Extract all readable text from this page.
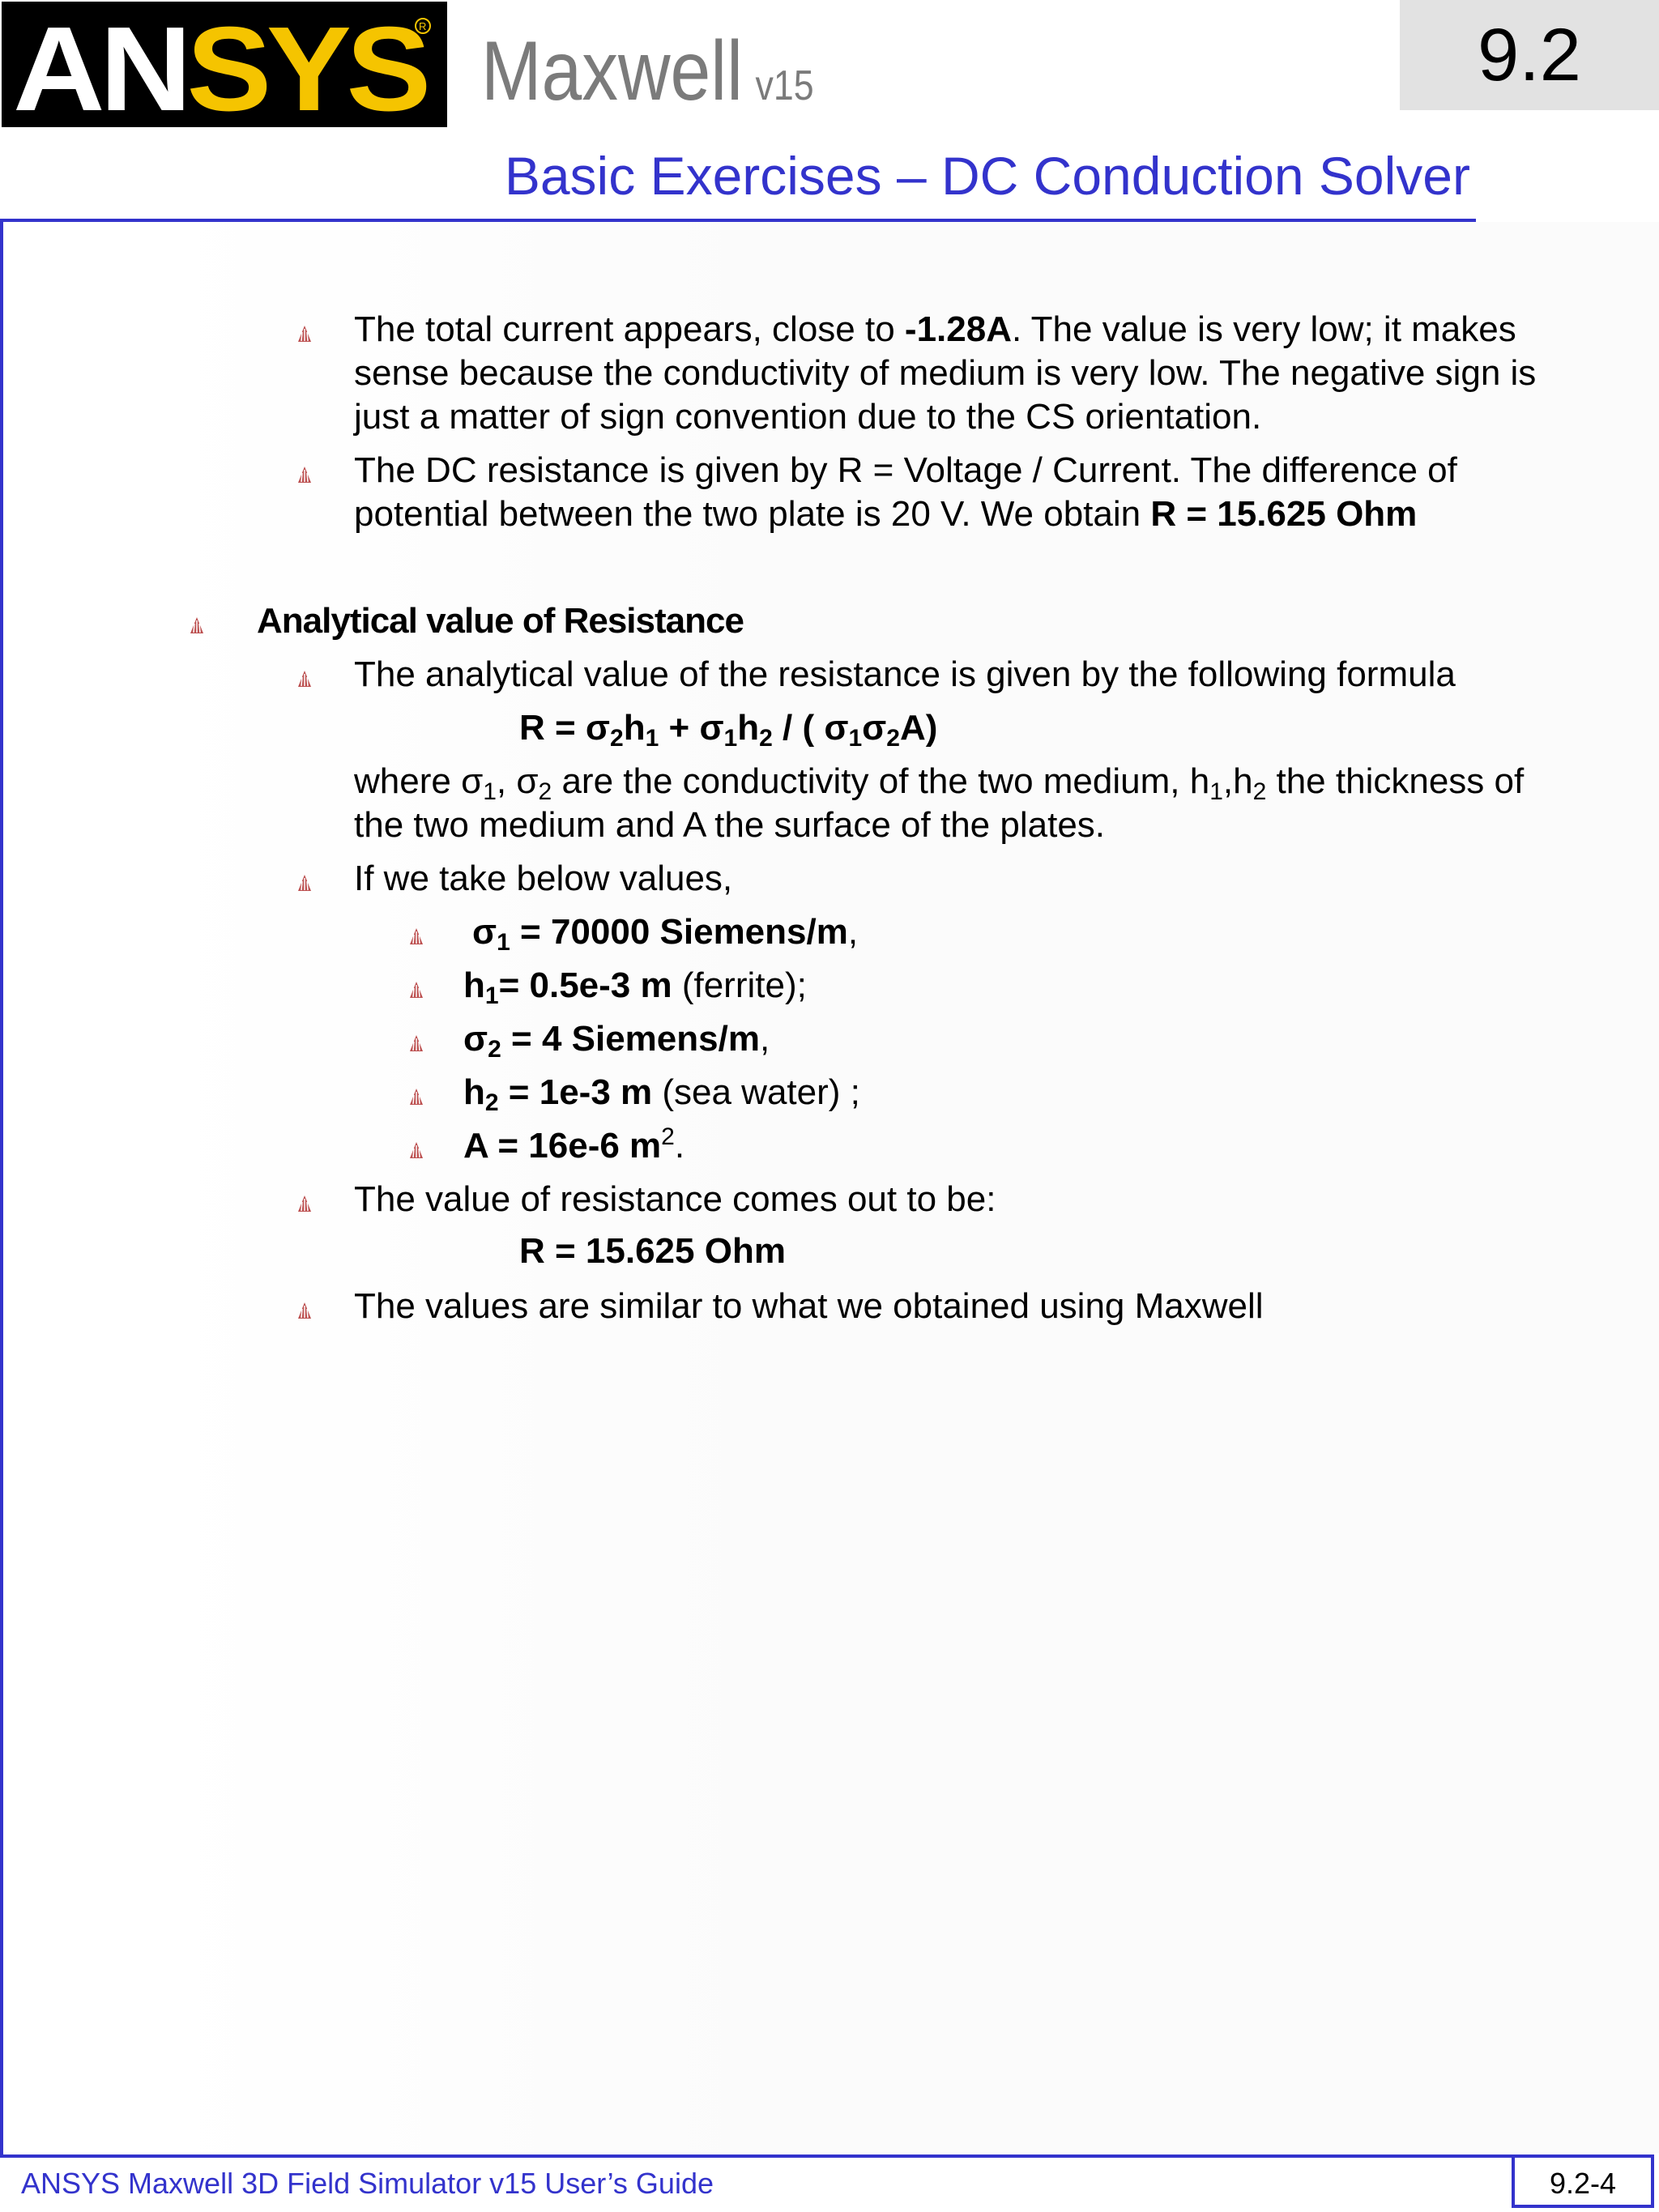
ANSYS R Maxwell v15	9.2
Basic Exercises – DC Conduction Solver
The total current appears, close to -1.28A. The value is very low; it makes
sense because the conductivity of medium is very low. The negative sign is
just a matter of sign convention due to the CS orientation.
The DC resistance is given by R = Voltage / Current. The difference of
potential between the two plate is 20 V. We obtain R = 15.625 Ohm
Analytical value of Resistance
The analytical value of the resistance is given by the following formula
$R = \sigma_2h_1 + \sigma_1h_2$ / ( $\sigma_1\sigma_2A$)
where $\sigma_1$, $\sigma_2$ are the conductivity of the two medium, $h_1,h_2$ the thickness of
the two medium and A the surface of the plates.
If we take below values,
$\sigma_1 = 70000$ Siemens/m,
$h_1= 0.5e-3$ m (ferrite);
$\sigma_2 = 4$ Siemens/m,
$h_2 = 1e-3$ m (sea water) ;
A = 16e-6 $m^2$.
The value of resistance comes out to be:
R = 15.625 Ohm
The values are similar to what we obtained using Maxwell
ANSYS Maxwell 3D Field Simulator v15 User’s Guide	9.2-4
